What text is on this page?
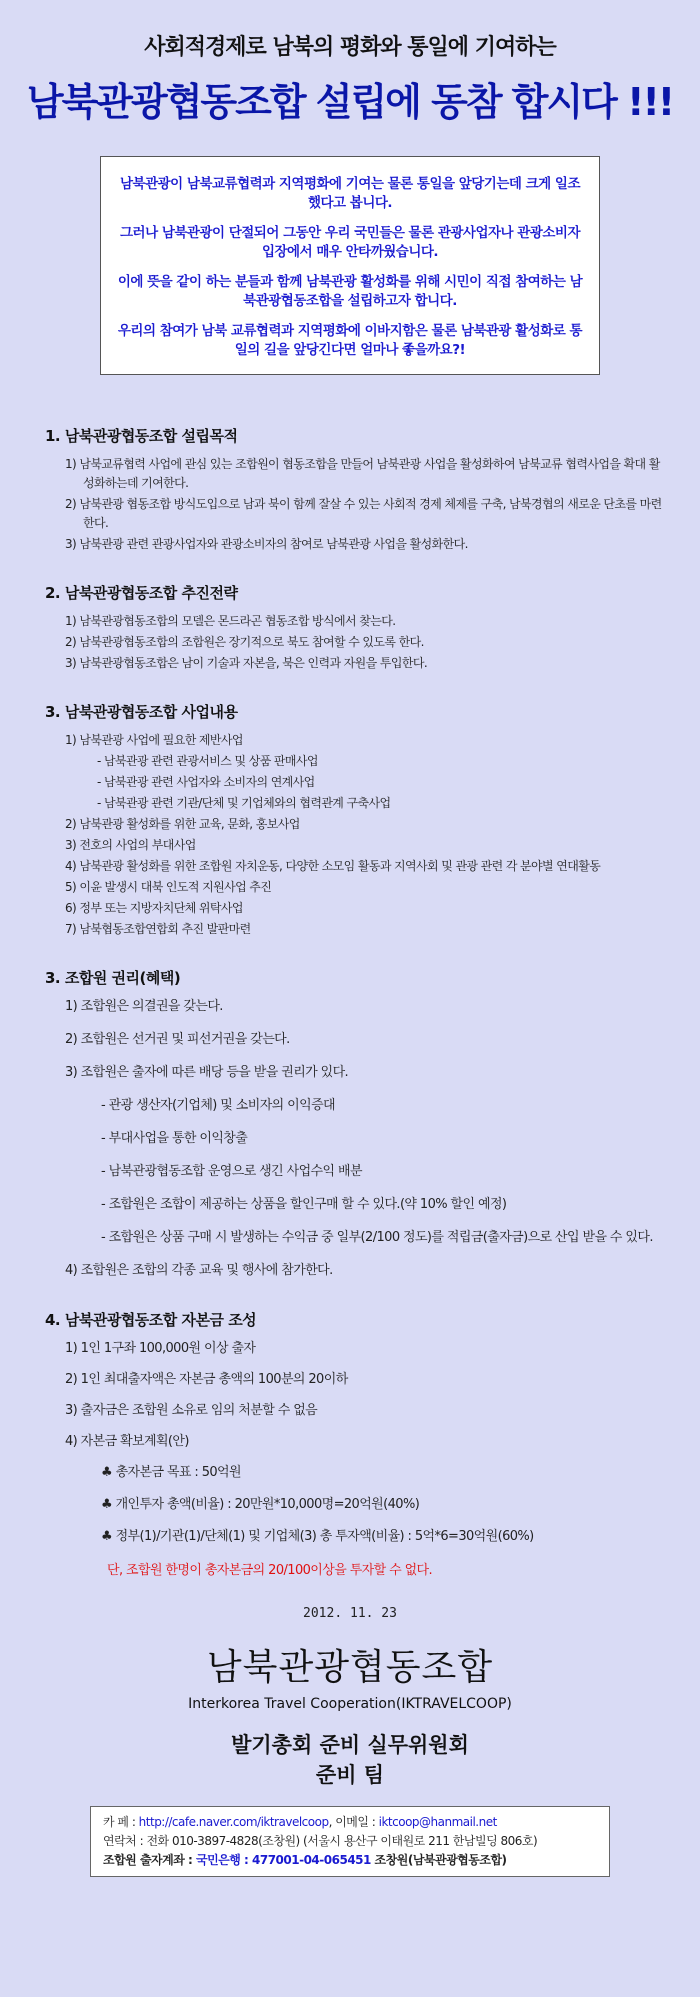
사회적경제로 남북의 평화와 통일에 기여하는
남북관광협동조합 설립에 동참 합시다 !!!

남북관광이 남북교류협력과 지역평화에 기여는 물론 통일을 앞당기는데 크게 일조했다고 봅니다.

그러나 남북관광이 단절되어 그동안 우리 국민들은 물론 관광사업자나 관광소비자 입장에서 매우 안타까웠습니다.

이에 뜻을 같이 하는 분들과 함께 남북관광 활성화를 위해 시민이 직접 참여하는 남북관광협동조합을 설립하고자 합니다.

우리의 참여가 남북 교류협력과 지역평화에 이바지함은 물론 남북관광 활성화로 통일의 길을 앞당긴다면 얼마나 좋을까요?!

1. 남북관광협동조합 설립목적
1) 남북교류협력 사업에 관심 있는 조합원이 협동조합을 만들어 남북관광 사업을 활성화하여 남북교류 협력사업을 확대 활성화하는데 기여한다.
2) 남북관광 협동조합 방식도입으로 남과 북이 함께 잘살 수 있는 사회적 경제 체제를 구축, 남북경협의 새로운 단초를 마련한다.
3) 남북관광 관련 관광사업자와 관광소비자의 참여로 남북관광 사업을 활성화한다.
2. 남북관광협동조합 추진전략
1) 남북관광협동조합의 모델은 몬드라곤 협동조합 방식에서 찾는다.
2) 남북관광협동조합의 조합원은 장기적으로 북도 참여할 수 있도록 한다.
3) 남북관광협동조합은 남이 기술과 자본을, 북은 인력과 자원을 투입한다.
3. 남북관광협동조합 사업내용
1) 남북관광 사업에 필요한 제반사업
- 남북관광 관련 관광서비스 및 상품 판매사업
- 남북관광 관련 사업자와 소비자의 연계사업
- 남북관광 관련 기관/단체 및 기업체와의 협력관계 구축사업
2) 남북관광 활성화를 위한 교육, 문화, 홍보사업
3) 전호의 사업의 부대사업
4) 남북관광 활성화를 위한 조합원 자치운동, 다양한 소모임 활동과 지역사회 및 관광 관련 각 분야별 연대활동
5) 이윤 발생시 대북 인도적 지원사업 추진
6) 정부 또는 지방자치단체 위탁사업
7) 남북협동조합연합회 추진 발판마련
3. 조합원 권리(혜택)
1) 조합원은 의결권을 갖는다.
2) 조합원은 선거권 및 피선거권을 갖는다.
3) 조합원은 출자에 따른 배당 등을 받을 권리가 있다.
- 관광 생산자(기업체) 및 소비자의 이익증대
- 부대사업을 통한 이익창출
- 남북관광협동조합 운영으로 생긴 사업수익 배분
- 조합원은 조합이 제공하는 상품을 할인구매 할 수 있다.(약 10% 할인 예정)
- 조합원은 상품 구매 시 발생하는 수익금 중 일부(2/100 정도)를 적립금(출자금)으로 산입 받을 수 있다.
4) 조합원은 조합의 각종 교육 및 행사에 참가한다.
4. 남북관광협동조합 자본금 조성
1) 1인 1구좌 100,000원 이상 출자
2) 1인 최대출자액은 자본금 총액의 100분의 20이하
3) 출자금은 조합원 소유로 임의 처분할 수 없음
4) 자본금 확보계획(안)
♣ 총자본금 목표 : 50억원
♣ 개인투자 총액(비율) : 20만원*10,000명=20억원(40%)
♣ 정부(1)/기관(1)/단체(1) 및 기업체(3) 총 투자액(비율) : 5억*6=30억원(60%)
단, 조합원 한명이 총자본금의 20/100이상을 투자할 수 없다.
2012. 11. 23
남북관광협동조합
Interkorea Travel Cooperation(IKTRAVELCOOP)
발기총회 준비 실무위원회
준비 팀
카 페 : http://cafe.naver.com/iktravelcoop, 이메일 : iktcoop@hanmail.net
연락처 : 전화 010-3897-4828(조창원) (서울시 용산구 이태원로 211 한남빌딩 806호)
조합원 출자계좌 : 국민은행 : 477001-04-065451 조창원(남북관광협동조합)
